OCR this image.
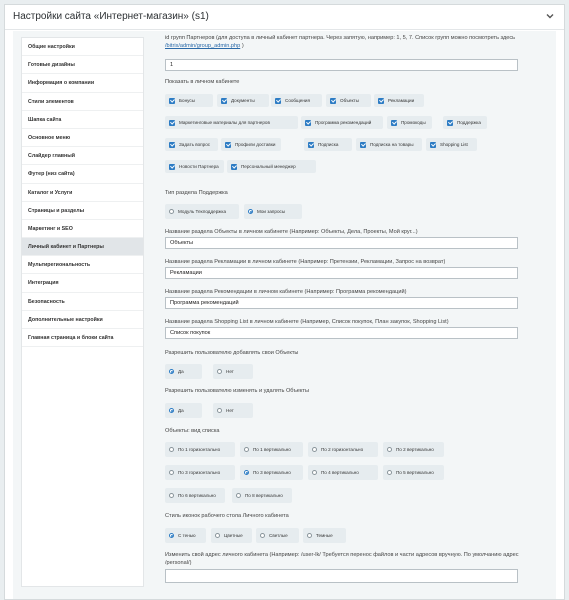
Настройки сайта «Интернет-магазин» (s1)
Общие настройки
Готовые дизайны
Информация о компании
Стили элементов
Шапка сайта
Основное меню
Слайдер главный
Футер (низ сайта)
Каталог и Услуги
Страницы и разделы
Маркетинг и SEO
Личный кабинет и Партнеры
Мультирегиональность
Интеграция
Безопасность
Дополнительные настройки
Главная страница и блоки сайта
id групп Партнеров (для доступа в личный кабинет партнера. Через запятую, например: 1, 5, 7. Список групп можно посмотреть здесь /bitrix/admin/group_admin.php )
1
Показать в личном кабинете
Бонусы	Документы	Сообщения	Объекты	Рекламации
Маркетинговые материалы для партнеров	Программа рекомендаций	Промокоды	Поддержка
Задать вопрос	Профили доставки	Подписка	Подписка на товары	Shopping List
Новости Партнера	Персональный менеджер
Тип раздела Поддержка
Модуль Техподдержка	Мои запросы
Название раздела Объекты в личном кабинете (Например: Объекты, Дела, Проекты, Мой круг...)
Объекты
Название раздела Рекламации в личном кабинете (Например: Претензии, Рекламации, Запрос на возврат)
Рекламации
Название раздела Рекомендации в личном кабинете (Например: Программа рекомендаций)
Программа рекомендаций
Название раздела Shopping List в личном кабинете (Например, Список покупок, План закупок, Shopping List)
Список покупок
Разрешить пользователю добавлять свои Объекты
Да	Нет
Разрешить пользователю изменять и удалять Объекты
Да	Нет
Объекты: вид списка
По 1 горизонтально	По 1 вертикально	По 2 горизонтально	По 2 вертикально
По 3 горизонтально	По 3 вертикально	По 4 вертикально	По 5 вертикально
По 6 вертикально	По 8 вертикально
Стиль иконок рабочего стола Личного кабинета
С тенью	Цветные	Светлые	Темные
Изменить свой адрес личного кабинета (Например: /user-lk/ Требуется перенос файлов и части адресов вручную. По умолчанию адрес /personal/)
